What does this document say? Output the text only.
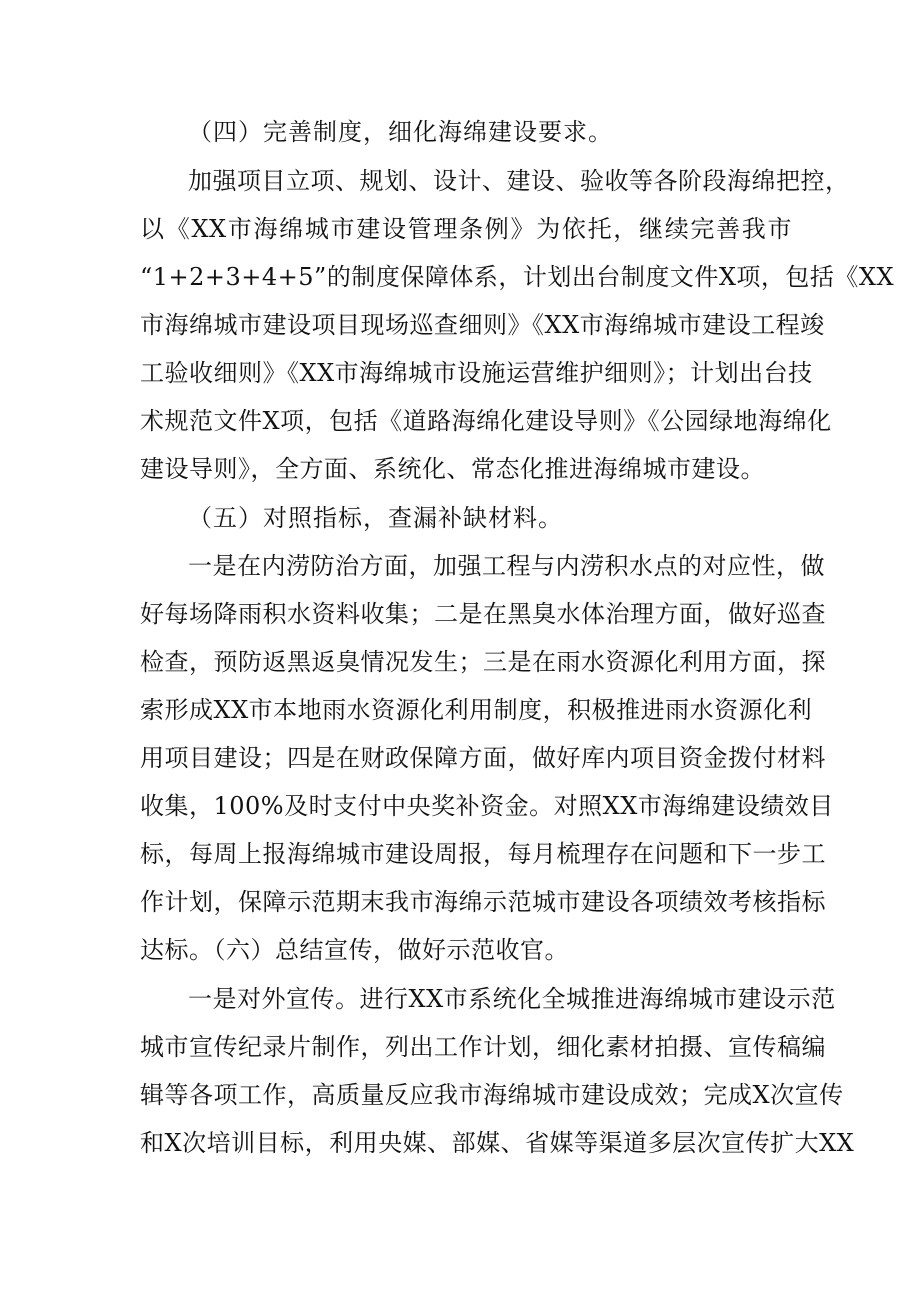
（四）完善制度，细化海绵建设要求。
加强项目立项、规划、设计、建设、验收等各阶段海绵把控，
以《XX市海绵城市建设管理条例》为依托，继续完善我市
“1+2+3+4+5”的制度保障体系，计划出台制度文件X项，包括《XX
市海绵城市建设项目现场巡查细则》《XX市海绵城市建设工程竣
工验收细则》《XX市海绵城市设施运营维护细则》；计划出台技
术规范文件X项，包括《道路海绵化建设导则》《公园绿地海绵化
建设导则》，全方面、系统化、常态化推进海绵城市建设。
（五）对照指标，查漏补缺材料。
一是在内涝防治方面，加强工程与内涝积水点的对应性，做
好每场降雨积水资料收集；二是在黑臭水体治理方面，做好巡查
检查，预防返黑返臭情况发生；三是在雨水资源化利用方面，探
索形成XX市本地雨水资源化利用制度，积极推进雨水资源化利
用项目建设；四是在财政保障方面，做好库内项目资金拨付材料
收集，100%及时支付中央奖补资金。对照XX市海绵建设绩效目
标，每周上报海绵城市建设周报，每月梳理存在问题和下一步工
作计划，保障示范期末我市海绵示范城市建设各项绩效考核指标
达标。（六）总结宣传，做好示范收官。
一是对外宣传。进行XX市系统化全城推进海绵城市建设示范
城市宣传纪录片制作，列出工作计划，细化素材拍摄、宣传稿编
辑等各项工作，高质量反应我市海绵城市建设成效；完成X次宣传
和X次培训目标，利用央媒、部媒、省媒等渠道多层次宣传扩大XX
